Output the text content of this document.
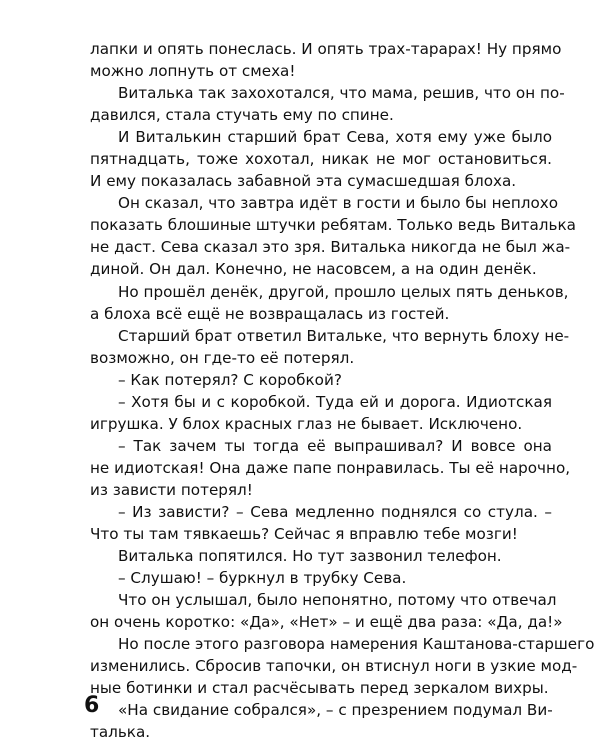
лапки и опять понеслась. И опять трах-тарарах! Ну прямо
можно лопнуть от смеха!
Виталька так захохотался, что мама, решив, что он по-
давился, стала стучать ему по спине.
И Виталькин старший брат Сева, хотя ему уже было
пятнадцать, тоже хохотал, никак не мог остановиться.
И ему показалась забавной эта сумасшедшая блоха.
Он сказал, что завтра идёт в гости и было бы неплохо
показать блошиные штучки ребятам. Только ведь Виталька
не даст. Сева сказал это зря. Виталька никогда не был жа-
диной. Он дал. Конечно, не насовсем, а на один денёк.
Но прошёл денёк, другой, прошло целых пять деньков,
а блоха всё ещё не возвращалась из гостей.
Старший брат ответил Витальке, что вернуть блоху не-
возможно, он где-то её потерял.
– Как потерял? С коробкой?
– Хотя бы и с коробкой. Туда ей и дорога. Идиотская
игрушка. У блох красных глаз не бывает. Исключено.
– Так зачем ты тогда её выпрашивал? И вовсе она
не идиотская! Она даже папе понравилась. Ты её нарочно,
из зависти потерял!
– Из зависти? – Сева медленно поднялся со стула. –
Что ты там тявкаешь? Сейчас я вправлю тебе мозги!
Виталька попятился. Но тут зазвонил телефон.
– Слушаю! – буркнул в трубку Сева.
Что он услышал, было непонятно, потому что отвечал
он очень коротко: «Да», «Нет» – и ещё два раза: «Да, да!»
Но после этого разговора намерения Каштанова-старшего
изменились. Сбросив тапочки, он втиснул ноги в узкие мод-
ные ботинки и стал расчёсывать перед зеркалом вихры.
«На свидание собрался», – с презрением подумал Ви-
талька.
6
